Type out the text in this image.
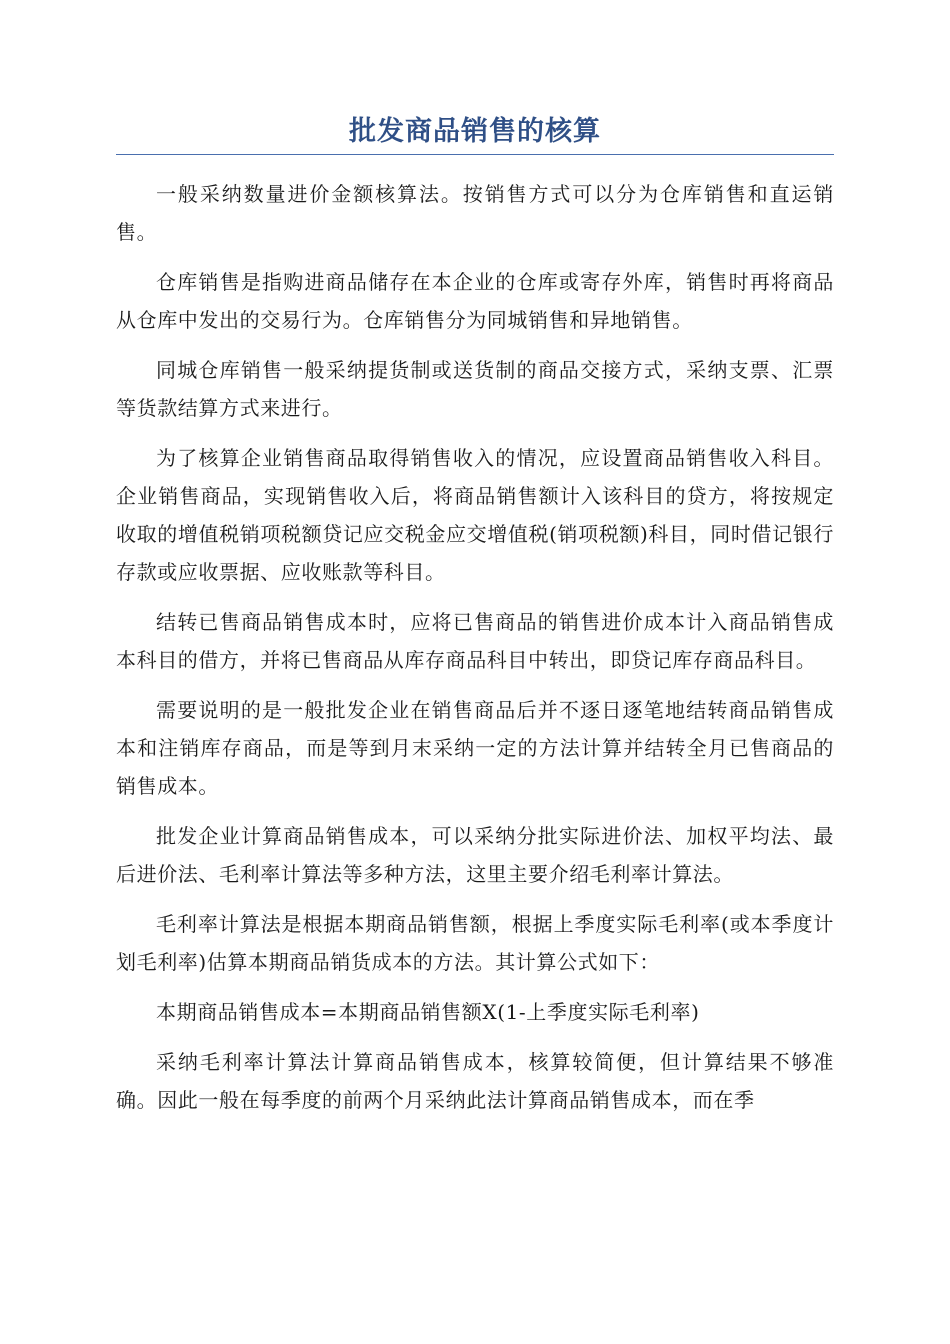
批发商品销售的核算

一般采纳数量进价金额核算法。按销售方式可以分为仓库销售和直运销售。

仓库销售是指购进商品储存在本企业的仓库或寄存外库，销售时再将商品从仓库中发出的交易行为。仓库销售分为同城销售和异地销售。

同城仓库销售一般采纳提货制或送货制的商品交接方式，采纳支票、汇票等货款结算方式来进行。

为了核算企业销售商品取得销售收入的情况，应设置商品销售收入科目。企业销售商品，实现销售收入后，将商品销售额计入该科目的贷方，将按规定收取的增值税销项税额贷记应交税金应交增值税(销项税额)科目，同时借记银行存款或应收票据、应收账款等科目。

结转已售商品销售成本时，应将已售商品的销售进价成本计入商品销售成本科目的借方，并将已售商品从库存商品科目中转出，即贷记库存商品科目。

需要说明的是一般批发企业在销售商品后并不逐日逐笔地结转商品销售成本和注销库存商品，而是等到月末采纳一定的方法计算并结转全月已售商品的销售成本。

批发企业计算商品销售成本，可以采纳分批实际进价法、加权平均法、最后进价法、毛利率计算法等多种方法，这里主要介绍毛利率计算法。

毛利率计算法是根据本期商品销售额，根据上季度实际毛利率(或本季度计划毛利率)估算本期商品销货成本的方法。其计算公式如下：

本期商品销售成本=本期商品销售额X(1-上季度实际毛利率)

采纳毛利率计算法计算商品销售成本，核算较简便，但计算结果不够准确。因此一般在每季度的前两个月采纳此法计算商品销售成本，而在季
